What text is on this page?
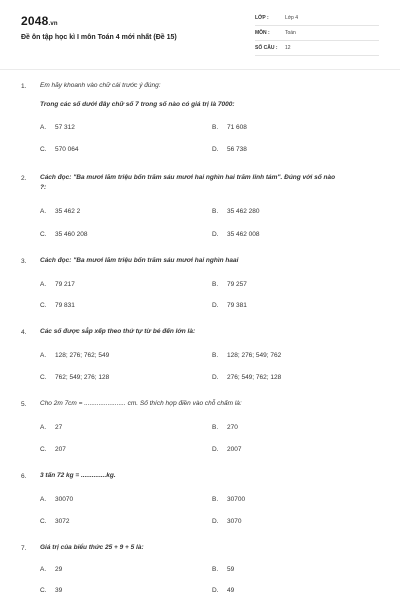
2048.vn
Đề ôn tập học kì I môn Toán 4 mới nhất (Đề 15)
LỚP :	Lớp 4
MÔN :	Toán
SỐ CÂU : 12
1. Em hãy khoanh vào chữ cái trước ý đúng:
Trong các số dưới đây chữ số 7 trong số nào có giá trị là 7000:
A. 57 312	B. 71 608
C. 570 064	D. 56 738
2. Cách đọc: "Ba mươi lăm triệu bốn trăm sáu mươi hai nghìn hai trăm linh tám". Đúng với số nào
?:
A. 35 462 2	B. 35 462 280
C. 35 460 208	D. 35 462 008
3. Cách đọc: "Ba mươi lăm triệu bốn trăm sáu mươi hai nghìn haai
A. 79 217	B. 79 257
C. 79 831	D. 79 381
4. Các số được sắp xếp theo thứ tự từ bé đến lớn là:
A. 128; 276; 762; 549	B. 128; 276; 549; 762
C. 762; 549; 276; 128	D. 276; 549; 762; 128
5. Cho 2m 7cm = ....................... cm. Số thích hợp điền vào chỗ chấm là:
A. 27	B. 270
C. 207	D. 2007
6. 3 tấn 72 kg = ..............kg.
A. 30070	B. 30700
C. 3072	D. 3070
7. Giá trị của biểu thức 25 + 9 + 5 là:
A. 29	B. 59
C. 39	D. 49
